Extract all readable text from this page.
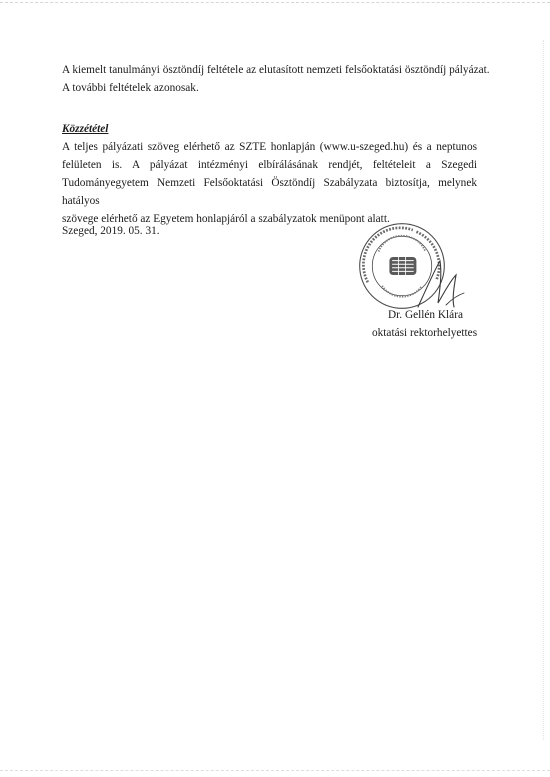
A kiemelt tanulmányi ösztöndíj feltétele az elutasított nemzeti felsőoktatási ösztöndíj pályázat.
A további feltételek azonosak.
Közzététel
A teljes pályázati szöveg elérhető az SZTE honlapján (www.u-szeged.hu) és a neptunos
felületen is. A pályázat intézményi elbírálásának rendjét, feltételeit a Szegedi
Tudományegyetem Nemzeti Felsőoktatási Ösztöndíj Szabályzata biztosítja, melynek hatályos
szövege elérhető az Egyetem honlapjáról a szabályzatok menüpont alatt.
Szeged, 2019. 05. 31.
Dr. Gellén Klára
oktatási rektorhelyettes
